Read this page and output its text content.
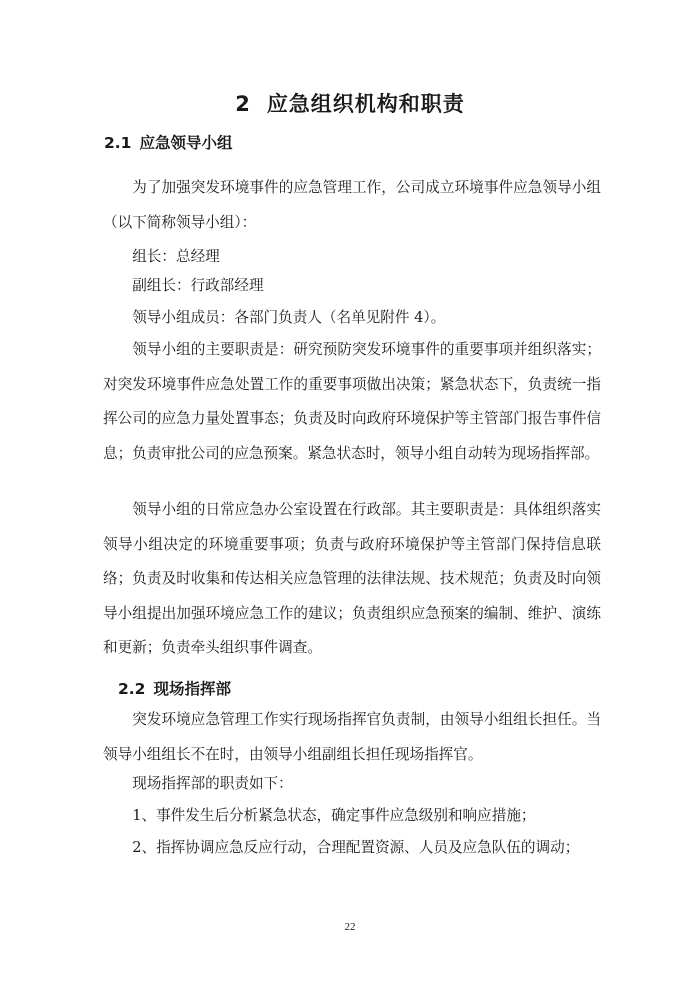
2 应急组织机构和职责
2.1 应急领导小组

为了加强突发环境事件的应急管理工作，公司成立环境事件应急领导小组（以下简称领导小组）：

组长：总经理

副组长：行政部经理

领导小组成员：各部门负责人（名单见附件 4）。

领导小组的主要职责是：研究预防突发环境事件的重要事项并组织落实；对突发环境事件应急处置工作的重要事项做出决策；紧急状态下，负责统一指挥公司的应急力量处置事态；负责及时向政府环境保护等主管部门报告事件信息；负责审批公司的应急预案。紧急状态时，领导小组自动转为现场指挥部。

领导小组的日常应急办公室设置在行政部。其主要职责是：具体组织落实领导小组决定的环境重要事项；负责与政府环境保护等主管部门保持信息联络；负责及时收集和传达相关应急管理的法律法规、技术规范；负责及时向领导小组提出加强环境应急工作的建议；负责组织应急预案的编制、维护、演练和更新；负责牵头组织事件调查。

2.2 现场指挥部

突发环境应急管理工作实行现场指挥官负责制，由领导小组组长担任。当领导小组组长不在时，由领导小组副组长担任现场指挥官。

现场指挥部的职责如下：

1、事件发生后分析紧急状态，确定事件应急级别和响应措施；

2、指挥协调应急反应行动，合理配置资源、人员及应急队伍的调动；

22
